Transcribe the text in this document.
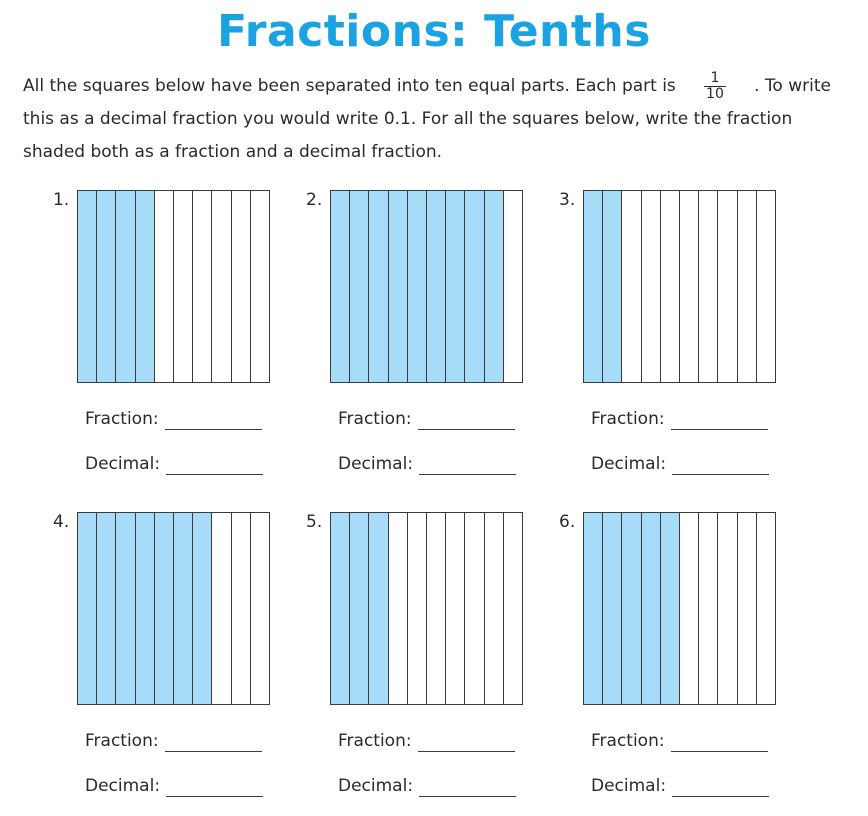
Fractions: Tenths
All the squares below have been separated into ten equal parts. Each part is $\frac{1}{10}$ . To write
this as a decimal fraction you would write 0.1. For all the squares below, write the fraction
shaded both as a fraction and a decimal fraction.
1.
Fraction:
Decimal:
2.
Fraction:
Decimal:
3.
Fraction:
Decimal:
4.
Fraction:
Decimal:
5.
Fraction:
Decimal:
6.
Fraction:
Decimal:
